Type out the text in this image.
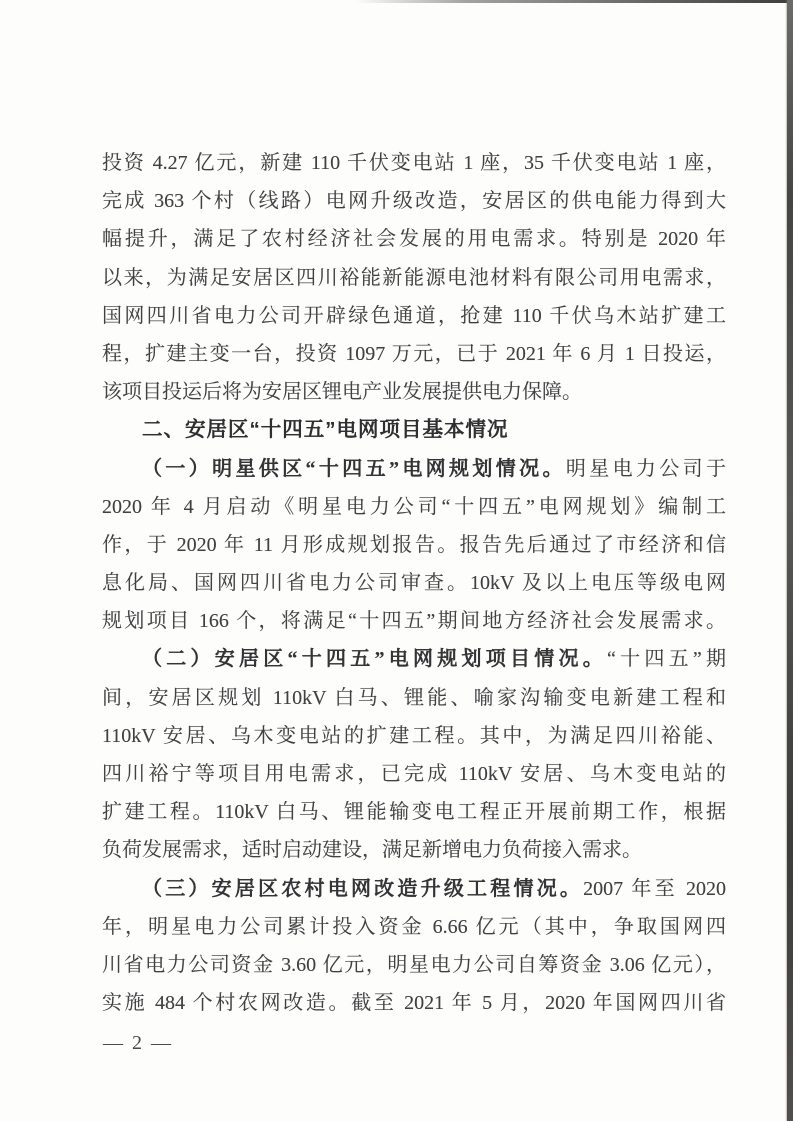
投资 4.27 亿元，新建 110 千伏变电站 1 座，35 千伏变电站 1 座，
完成 363 个村（线路）电网升级改造，安居区的供电能力得到大
幅提升，满足了农村经济社会发展的用电需求。特别是 2020 年
以来，为满足安居区四川裕能新能源电池材料有限公司用电需求，
国网四川省电力公司开辟绿色通道，抢建 110 千伏乌木站扩建工
程，扩建主变一台，投资 1097 万元，已于 2021 年 6 月 1 日投运，
该项目投运后将为安居区锂电产业发展提供电力保障。
二、安居区“十四五”电网项目基本情况
（一）明星供区“十四五”电网规划情况。明星电力公司于
2020 年 4 月启动《明星电力公司“十四五”电网规划》编制工
作，于 2020 年 11 月形成规划报告。报告先后通过了市经济和信
息化局、国网四川省电力公司审查。10kV 及以上电压等级电网
规划项目 166 个，将满足“十四五”期间地方经济社会发展需求。
（二）安居区“十四五”电网规划项目情况。“十四五”期
间，安居区规划 110kV 白马、锂能、喻家沟输变电新建工程和
110kV 安居、乌木变电站的扩建工程。其中，为满足四川裕能、
四川裕宁等项目用电需求，已完成 110kV 安居、乌木变电站的
扩建工程。110kV 白马、锂能输变电工程正开展前期工作，根据
负荷发展需求，适时启动建设，满足新增电力负荷接入需求。
（三）安居区农村电网改造升级工程情况。2007 年至 2020
年，明星电力公司累计投入资金 6.66 亿元（其中，争取国网四
川省电力公司资金 3.60 亿元，明星电力公司自筹资金 3.06 亿元），
实施 484 个村农网改造。截至 2021 年 5 月，2020 年国网四川省
— 2 —
